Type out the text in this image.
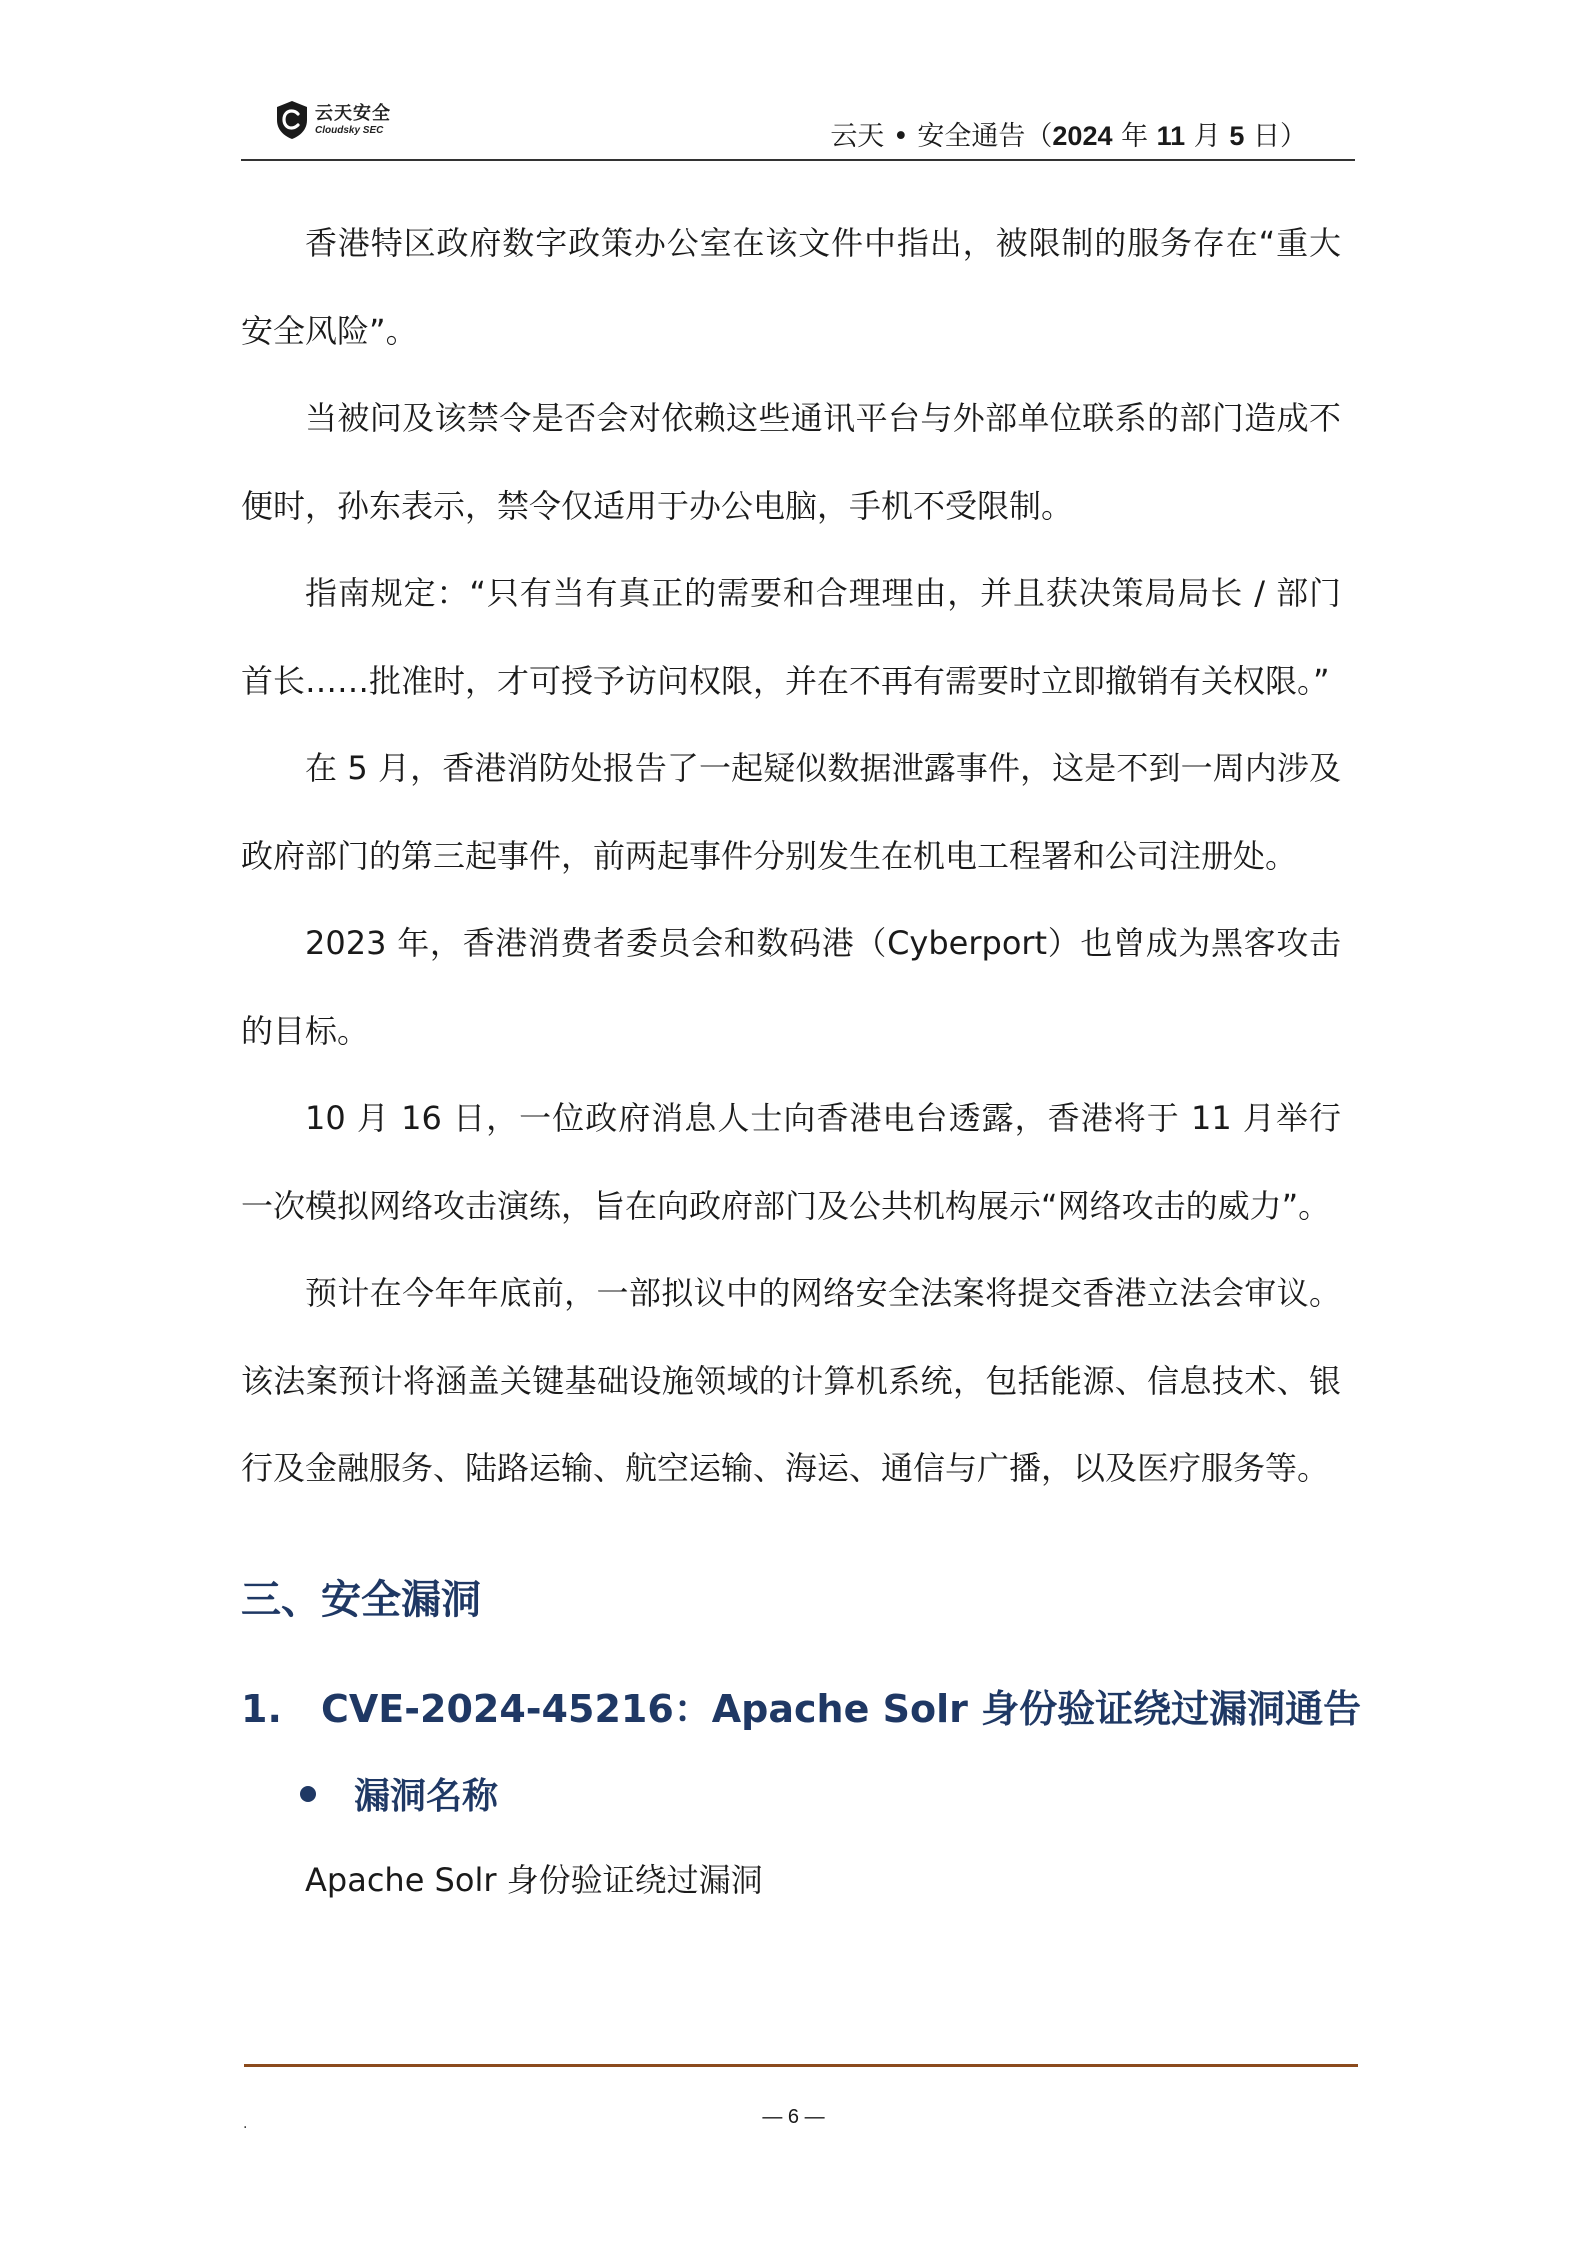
云天安全
Cloudsky SEC	云天 • 安全通告（2024 年 11 月 5 日）

香港特区政府数字政策办公室在该文件中指出，被限制的服务存在“重大安全风险”。

当被问及该禁令是否会对依赖这些通讯平台与外部单位联系的部门造成不便时，孙东表示，禁令仅适用于办公电脑，手机不受限制。

指南规定：“只有当有真正的需要和合理理由，并且获决策局局长 / 部门首长……批准时，才可授予访问权限，并在不再有需要时立即撤销有关权限。”

在 5 月，香港消防处报告了一起疑似数据泄露事件，这是不到一周内涉及政府部门的第三起事件，前两起事件分别发生在机电工程署和公司注册处。

2023 年，香港消费者委员会和数码港（Cyberport）也曾成为黑客攻击的目标。

10 月 16 日，一位政府消息人士向香港电台透露，香港将于 11 月举行一次模拟网络攻击演练，旨在向政府部门及公共机构展示“网络攻击的威力”。

预计在今年年底前，一部拟议中的网络安全法案将提交香港立法会审议。该法案预计将涵盖关键基础设施领域的计算机系统，包括能源、信息技术、银行及金融服务、陆路运输、航空运输、海运、通信与广播，以及医疗服务等。

三、安全漏洞
1. CVE-2024-45216：Apache Solr 身份验证绕过漏洞通告
漏洞名称
Apache Solr 身份验证绕过漏洞
.	— 6 —
